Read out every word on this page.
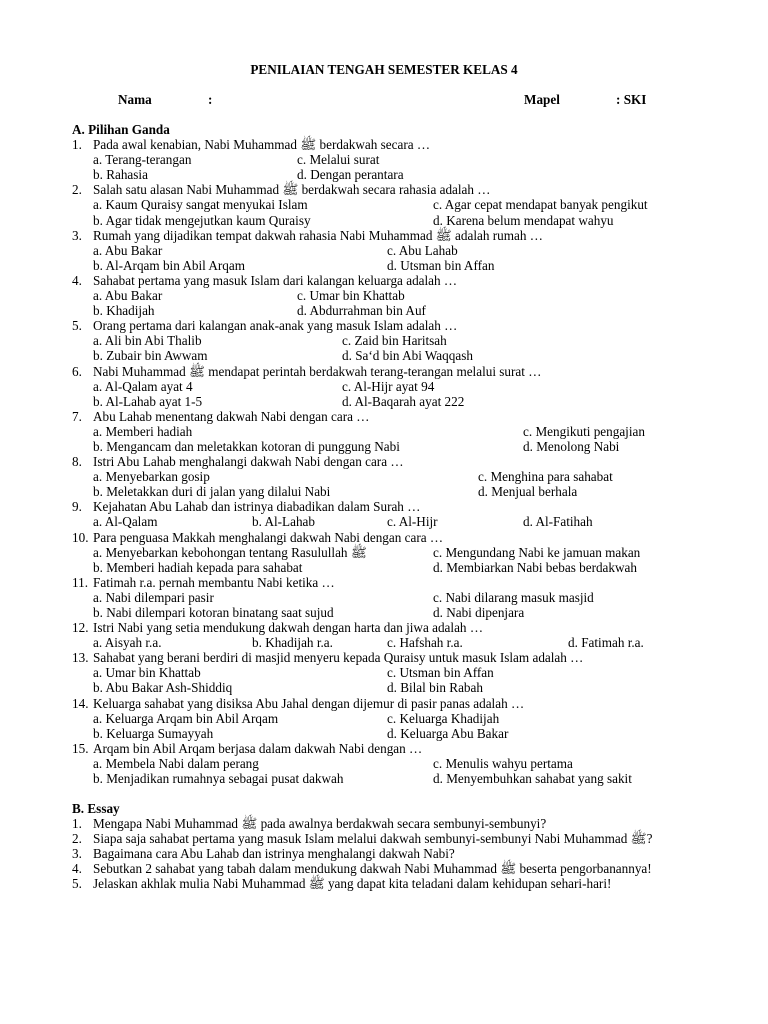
PENILAIAN TENGAH SEMESTER KELAS 4
Nama	:	Mapel	: SKI
A. Pilihan Ganda
1. Pada awal kenabian, Nabi Muhammad ﷺ berdakwah secara …
a. Terang-terangan	c. Melalui surat
b. Rahasia	d. Dengan perantara
2. Salah satu alasan Nabi Muhammad ﷺ berdakwah secara rahasia adalah …
a. Kaum Quraisy sangat menyukai Islam	c. Agar cepat mendapat banyak pengikut
b. Agar tidak mengejutkan kaum Quraisy	d. Karena belum mendapat wahyu
3. Rumah yang dijadikan tempat dakwah rahasia Nabi Muhammad ﷺ adalah rumah …
a. Abu Bakar	c. Abu Lahab
b. Al-Arqam bin Abil Arqam	d. Utsman bin Affan
4. Sahabat pertama yang masuk Islam dari kalangan keluarga adalah …
a. Abu Bakar	c. Umar bin Khattab
b. Khadijah	d. Abdurrahman bin Auf
5. Orang pertama dari kalangan anak-anak yang masuk Islam adalah …
a. Ali bin Abi Thalib	c. Zaid bin Haritsah
b. Zubair bin Awwam	d. Sa‘d bin Abi Waqqash
6. Nabi Muhammad ﷺ mendapat perintah berdakwah terang-terangan melalui surat …
a. Al-Qalam ayat 4	c. Al-Hijr ayat 94
b. Al-Lahab ayat 1-5	d. Al-Baqarah ayat 222
7. Abu Lahab menentang dakwah Nabi dengan cara …
a. Memberi hadiah	c. Mengikuti pengajian
b. Mengancam dan meletakkan kotoran di punggung Nabi	d. Menolong Nabi
8. Istri Abu Lahab menghalangi dakwah Nabi dengan cara …
a. Menyebarkan gosip	c. Menghina para sahabat
b. Meletakkan duri di jalan yang dilalui Nabi	d. Menjual berhala
9. Kejahatan Abu Lahab dan istrinya diabadikan dalam Surah …
a. Al-Qalam	b. Al-Lahab	c. Al-Hijr	d. Al-Fatihah
10. Para penguasa Makkah menghalangi dakwah Nabi dengan cara …
a. Menyebarkan kebohongan tentang Rasulullah ﷺ	c. Mengundang Nabi ke jamuan makan
b. Memberi hadiah kepada para sahabat	d. Membiarkan Nabi bebas berdakwah
11. Fatimah r.a. pernah membantu Nabi ketika …
a. Nabi dilempari pasir	c. Nabi dilarang masuk masjid
b. Nabi dilempari kotoran binatang saat sujud	d. Nabi dipenjara
12. Istri Nabi yang setia mendukung dakwah dengan harta dan jiwa adalah …
a. Aisyah r.a.	b. Khadijah r.a.	c. Hafshah r.a.	d. Fatimah r.a.
13. Sahabat yang berani berdiri di masjid menyeru kepada Quraisy untuk masuk Islam adalah …
a. Umar bin Khattab	c. Utsman bin Affan
b. Abu Bakar Ash-Shiddiq	d. Bilal bin Rabah
14. Keluarga sahabat yang disiksa Abu Jahal dengan dijemur di pasir panas adalah …
a. Keluarga Arqam bin Abil Arqam	c. Keluarga Khadijah
b. Keluarga Sumayyah	d. Keluarga Abu Bakar
15. Arqam bin Abil Arqam berjasa dalam dakwah Nabi dengan …
a. Membela Nabi dalam perang	c. Menulis wahyu pertama
b. Menjadikan rumahnya sebagai pusat dakwah	d. Menyembuhkan sahabat yang sakit
B. Essay
1. Mengapa Nabi Muhammad ﷺ pada awalnya berdakwah secara sembunyi-sembunyi?
2. Siapa saja sahabat pertama yang masuk Islam melalui dakwah sembunyi-sembunyi Nabi Muhammad ﷺ?
3. Bagaimana cara Abu Lahab dan istrinya menghalangi dakwah Nabi?
4. Sebutkan 2 sahabat yang tabah dalam mendukung dakwah Nabi Muhammad ﷺ beserta pengorbanannya!
5. Jelaskan akhlak mulia Nabi Muhammad ﷺ yang dapat kita teladani dalam kehidupan sehari-hari!
